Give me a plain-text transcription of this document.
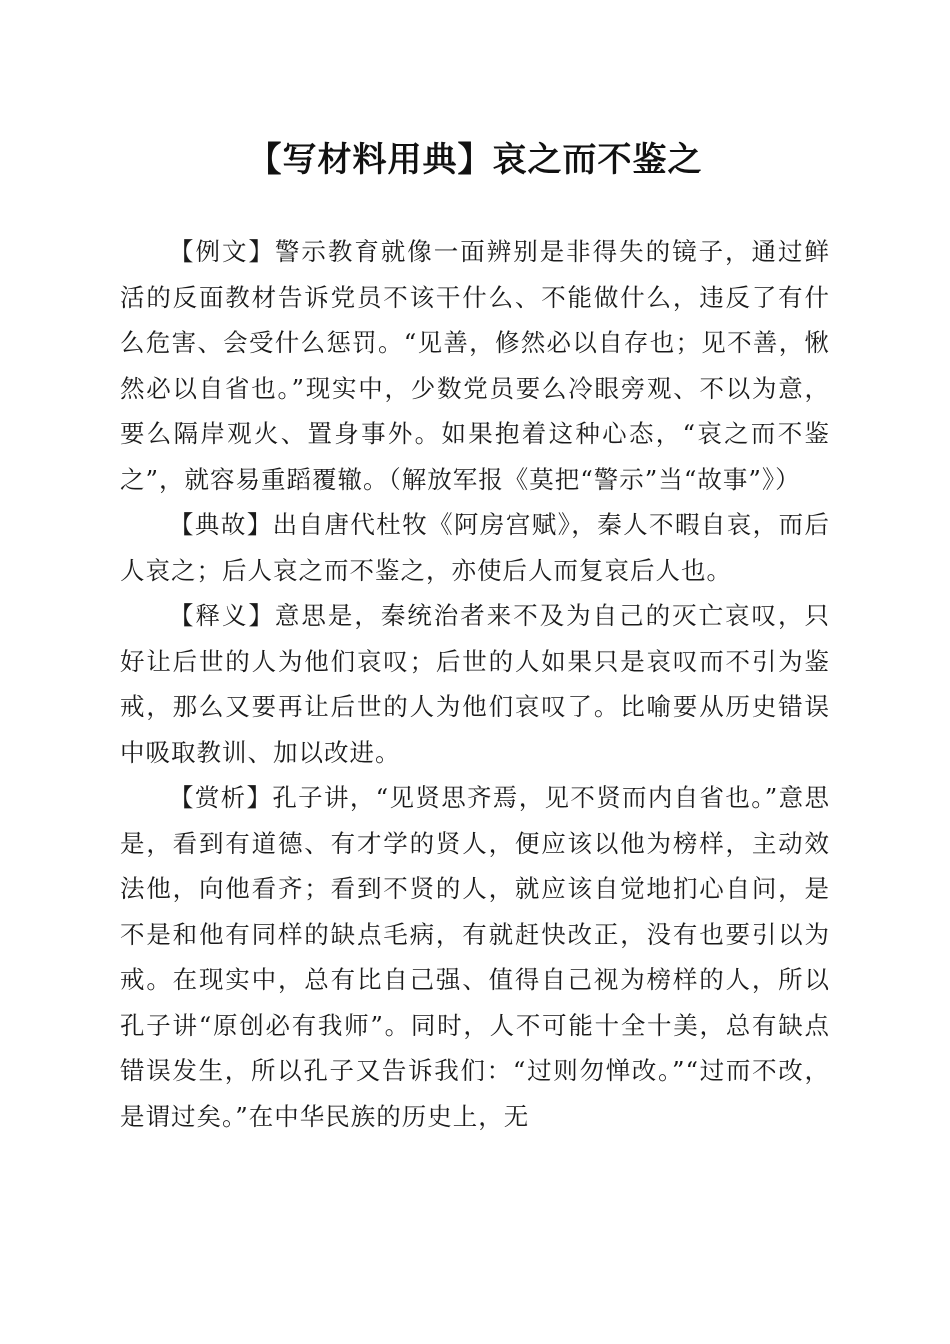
【写材料用典】哀之而不鉴之

【例文】警示教育就像一面辨别是非得失的镜子，通过鲜活的反面教材告诉党员不该干什么、不能做什么，违反了有什么危害、会受什么惩罚。“见善，修然必以自存也；见不善，愀然必以自省也。”现实中，少数党员要么冷眼旁观、不以为意，要么隔岸观火、置身事外。如果抱着这种心态，“哀之而不鉴之”，就容易重蹈覆辙。（解放军报《莫把“警示”当“故事”》）

【典故】出自唐代杜牧《阿房宫赋》，秦人不暇自哀，而后人哀之；后人哀之而不鉴之，亦使后人而复哀后人也。

【释义】意思是，秦统治者来不及为自己的灭亡哀叹，只好让后世的人为他们哀叹；后世的人如果只是哀叹而不引为鉴戒，那么又要再让后世的人为他们哀叹了。比喻要从历史错误中吸取教训、加以改进。

【赏析】孔子讲，“见贤思齐焉，见不贤而内自省也。”意思是，看到有道德、有才学的贤人，便应该以他为榜样，主动效法他，向他看齐；看到不贤的人，就应该自觉地扪心自问，是不是和他有同样的缺点毛病，有就赶快改正，没有也要引以为戒。在现实中，总有比自己强、值得自己视为榜样的人，所以孔子讲“原创必有我师”。同时，人不可能十全十美，总有缺点错误发生，所以孔子又告诉我们：“过则勿惮改。”“过而不改，是谓过矣。”在中华民族的历史上，无
